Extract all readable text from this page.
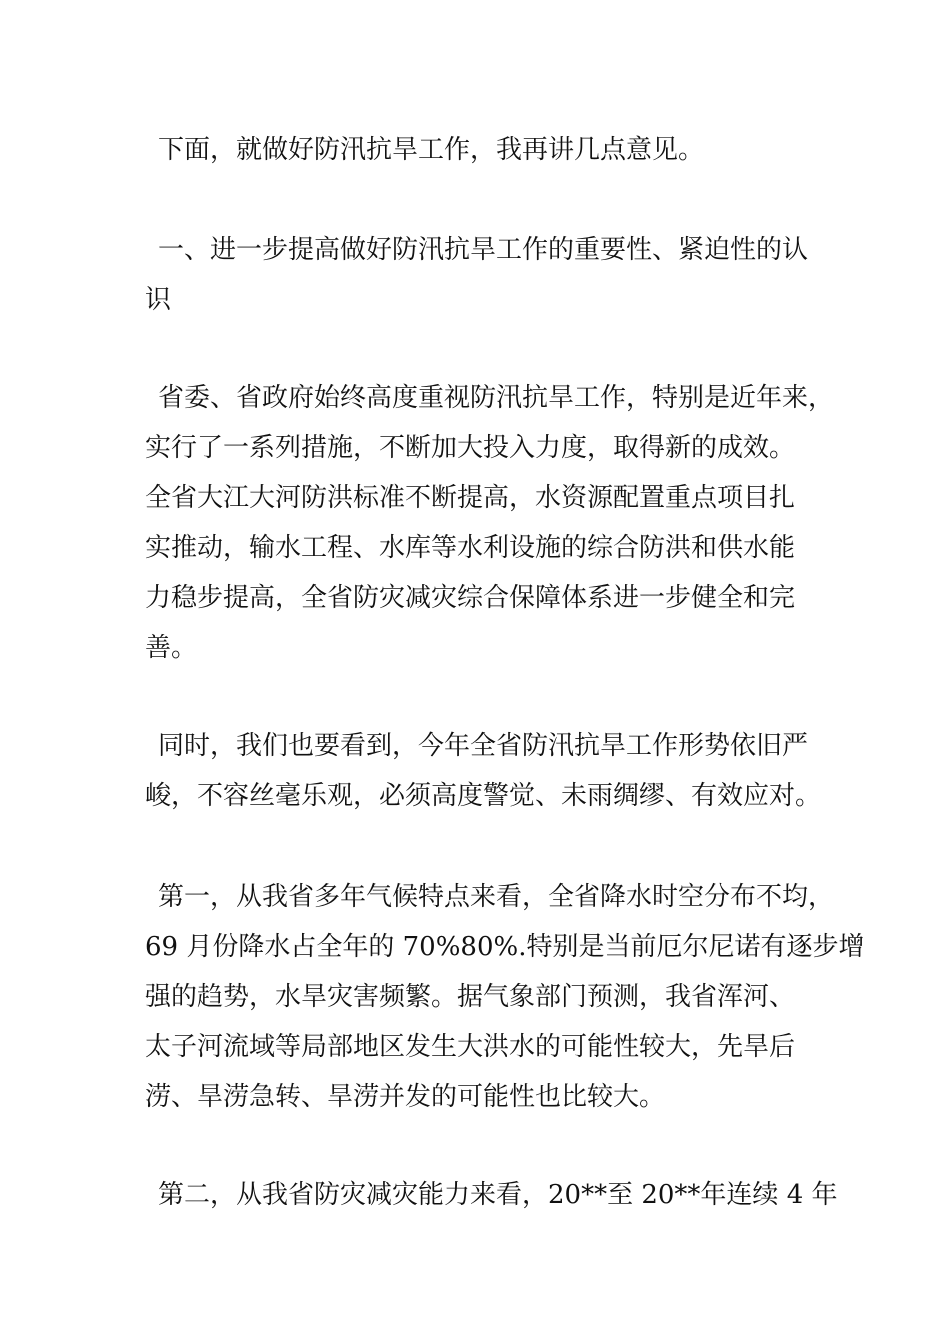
下面，就做好防汛抗旱工作，我再讲几点意见。

一、进一步提高做好防汛抗旱工作的重要性、紧迫性的认
识

省委、省政府始终高度重视防汛抗旱工作，特别是近年来，
实行了一系列措施，不断加大投入力度，取得新的成效。
全省大江大河防洪标准不断提高，水资源配置重点项目扎
实推动，输水工程、水库等水利设施的综合防洪和供水能
力稳步提高，全省防灾减灾综合保障体系进一步健全和完
善。

同时，我们也要看到，今年全省防汛抗旱工作形势依旧严
峻，不容丝毫乐观，必须高度警觉、未雨绸缪、有效应对。

第一，从我省多年气候特点来看，全省降水时空分布不均，
69 月份降水占全年的 70%80%.特别是当前厄尔尼诺有逐步增
强的趋势，水旱灾害频繁。据气象部门预测，我省浑河、
太子河流域等局部地区发生大洪水的可能性较大，先旱后
涝、旱涝急转、旱涝并发的可能性也比较大。

第二，从我省防灾减灾能力来看，20**至 20**年连续 4 年
